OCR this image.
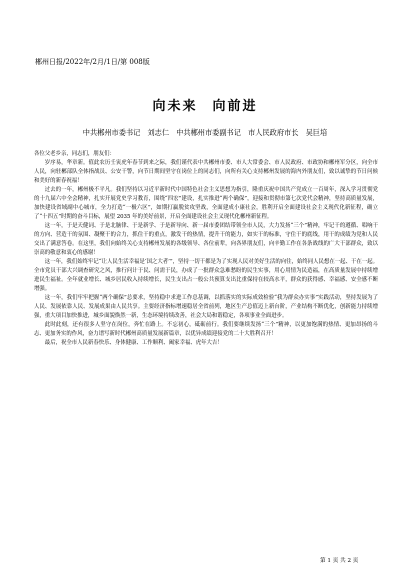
郴州日报/2022年/2月/1日/第 008版
向未来　向前进
中共郴州市委书记　刘志仁　中共郴州市委副书记　市人民政府市长　吴巨培

各位父老乡亲，同志们，朋友们：

岁序易，华章新。值此农历壬寅虎年春节到来之际，我们谨代表中共郴州市委、市人大常委会、市人民政府、市政协和郴州军分区，向全市人民，向驻郴部队全体指战员、公安干警，向节日期间坚守在岗位上的同志们，向所有关心支持郴州发展的海内外朋友们，致以诚挚的节日问候和美好的新春祝福！

过去的一年，郴州极不平凡。我们坚持以习近平新时代中国特色社会主义思想为指引，隆重庆祝中国共产党成立一百周年，深入学习贯彻党的十九届六中全会精神，扎实开展党史学习教育，围绕“四宏”建设，扎实推进“两个确保”，迎接和贯彻市第七次党代会精神，坚持高质量发展，加快建设省域副中心城市，全力打造“一极六区”，如期打赢脱贫攻坚战，全面建成小康社会，胜利开启全面建设社会主义现代化新征程，确立了“十四五”时期的奋斗目标，展望 2035 年的美好前景，开启全面建设社会主义现代化郴州新征程。

这一年，于是天健词、于是北脑律、于是新学、于是新导向、新一届市委团结带领全市人民，大力发扬“三个”精神，牢记干的遵循、唱响干的方向、营造干的氛围、凝聚干的合力，抓住干的重点，激发干的热情，提升干的能力，如实干的标准，守住干的底线，用干的成绩为党和人民交出了满意答卷。在这里，我们向始终关心支持郴州发展的各级领导、各位前辈，向各界朋友们，向辛勤工作在各条战线的广大干部群众，致以崇高的敬意和衷心的感谢！

这一年，我们始终牢记“让人民生活幸福是‘国之大者’”，坚持一切干都是为了实现人民对美好生活的向往，始终同人民想在一起、干在一起。全市党员干部大兴调查研究之风，推行问计于民、问需于民，办成了一批群众急难愁盼的民生实事，用心用情为民造福，在高质量发展中持续增进民生福祉。全年就业增长、城乡居民收入持续增长，民生支出占一般公共预算支出比重保持在较高水平，群众的获得感、幸福感、安全感不断增强。

这一年，我们牢牢把握“两个确保”总要求，坚持稳中求进工作总基调，以抓落实的实际成效检验“我为群众办实事”实践活动，坚持发展为了人民、发展依靠人民、发展成果由人民共享。主要经济指标增速稳居全省前列，地区生产总值迈上新台阶，产业结构不断优化，创新能力持续增强，重大项目加快推进，城乡面貌焕然一新，生态环境持续改善，社会大局和谐稳定，各项事业全面进步。

此时此刻，还有很多人坚守在岗位，奔忙在路上。不忘初心，砥砺前行。我们要继续发扬“三个”精神，以更加饱满的热情、更加昂扬的斗志、更加务实的作风，奋力谱写新时代郴州高质量发展新篇章，以优异成绩迎接党的二十大胜利召开！

最后，祝全市人民新春快乐、身体健康、工作顺利、阖家幸福、虎年大吉！

第 1 页 共 2 页
